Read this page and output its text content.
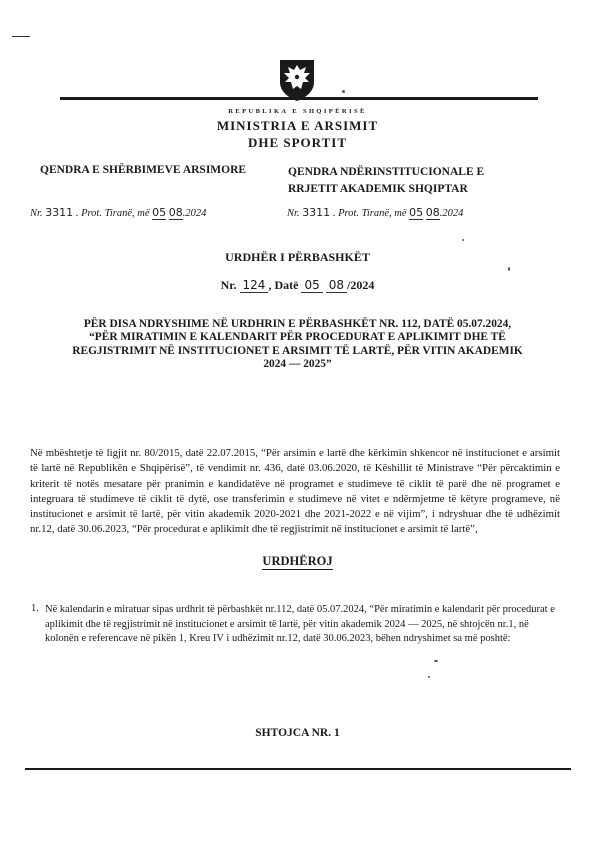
REPUBLIKA E SHQIPËRISË
MINISTRIA E ARSIMIT
DHE SPORTIT
QENDRA E SHËRBIMEVE ARSIMORE	QENDRA NDËRINSTITUCIONALE E
RRJETIT AKADEMIK SHQIPTAR
Nr. 3311 . Prot. Tiranë, më 05 08.2024	Nr. 3311 . Prot. Tiranë, më 05 08.2024
URDHËR I PËRBASHKËT
Nr. 124 , Datë 05 08 /2024
PËR DISA NDRYSHIME NË URDHRIN E PËRBASHKËT NR. 112, DATË 05.07.2024,
“PËR MIRATIMIN E KALENDARIT PËR PROCEDURAT E APLIKIMIT DHE TË
REGJISTRIMIT NË INSTITUCIONET E ARSIMIT TË LARTË, PËR VITIN AKADEMIK
2024 — 2025”
Në mbështetje të ligjit nr. 80/2015, datë 22.07.2015, “Për arsimin e lartë dhe kërkimin shkencor në institucionet e arsimit të lartë në Republikën e Shqipërisë”, të vendimit nr. 436, datë 03.06.2020, të Këshillit të Ministrave “Për përcaktimin e kriterit të notës mesatare për pranimin e kandidatëve në programet e studimeve të ciklit të parë dhe në programet e integruara të studimeve të ciklit të dytë, ose transferimin e studimeve në vitet e ndërmjetme të këtyre programeve, në institucionet e arsimit të lartë, për vitin akademik 2020-2021 dhe 2021-2022 e në vijim”, i ndryshuar dhe të udhëzimit nr.12, datë 30.06.2023, “Për procedurat e aplikimit dhe të regjistrimit në institucionet e arsimit të lartë”,
URDHËROJ
1. Në kalendarin e miratuar sipas urdhrit të përbashkët nr.112, datë 05.07.2024, “Për miratimin e kalendarit për procedurat e aplikimit dhe të regjistrimit në institucionet e arsimit të lartë, për vitin akademik 2024 — 2025, në shtojcën nr.1, në kolonën e referencave në pikën 1, Kreu IV i udhëzimit nr.12, datë 30.06.2023, bëhen ndryshimet sa më poshtë:
SHTOJCA NR. 1
